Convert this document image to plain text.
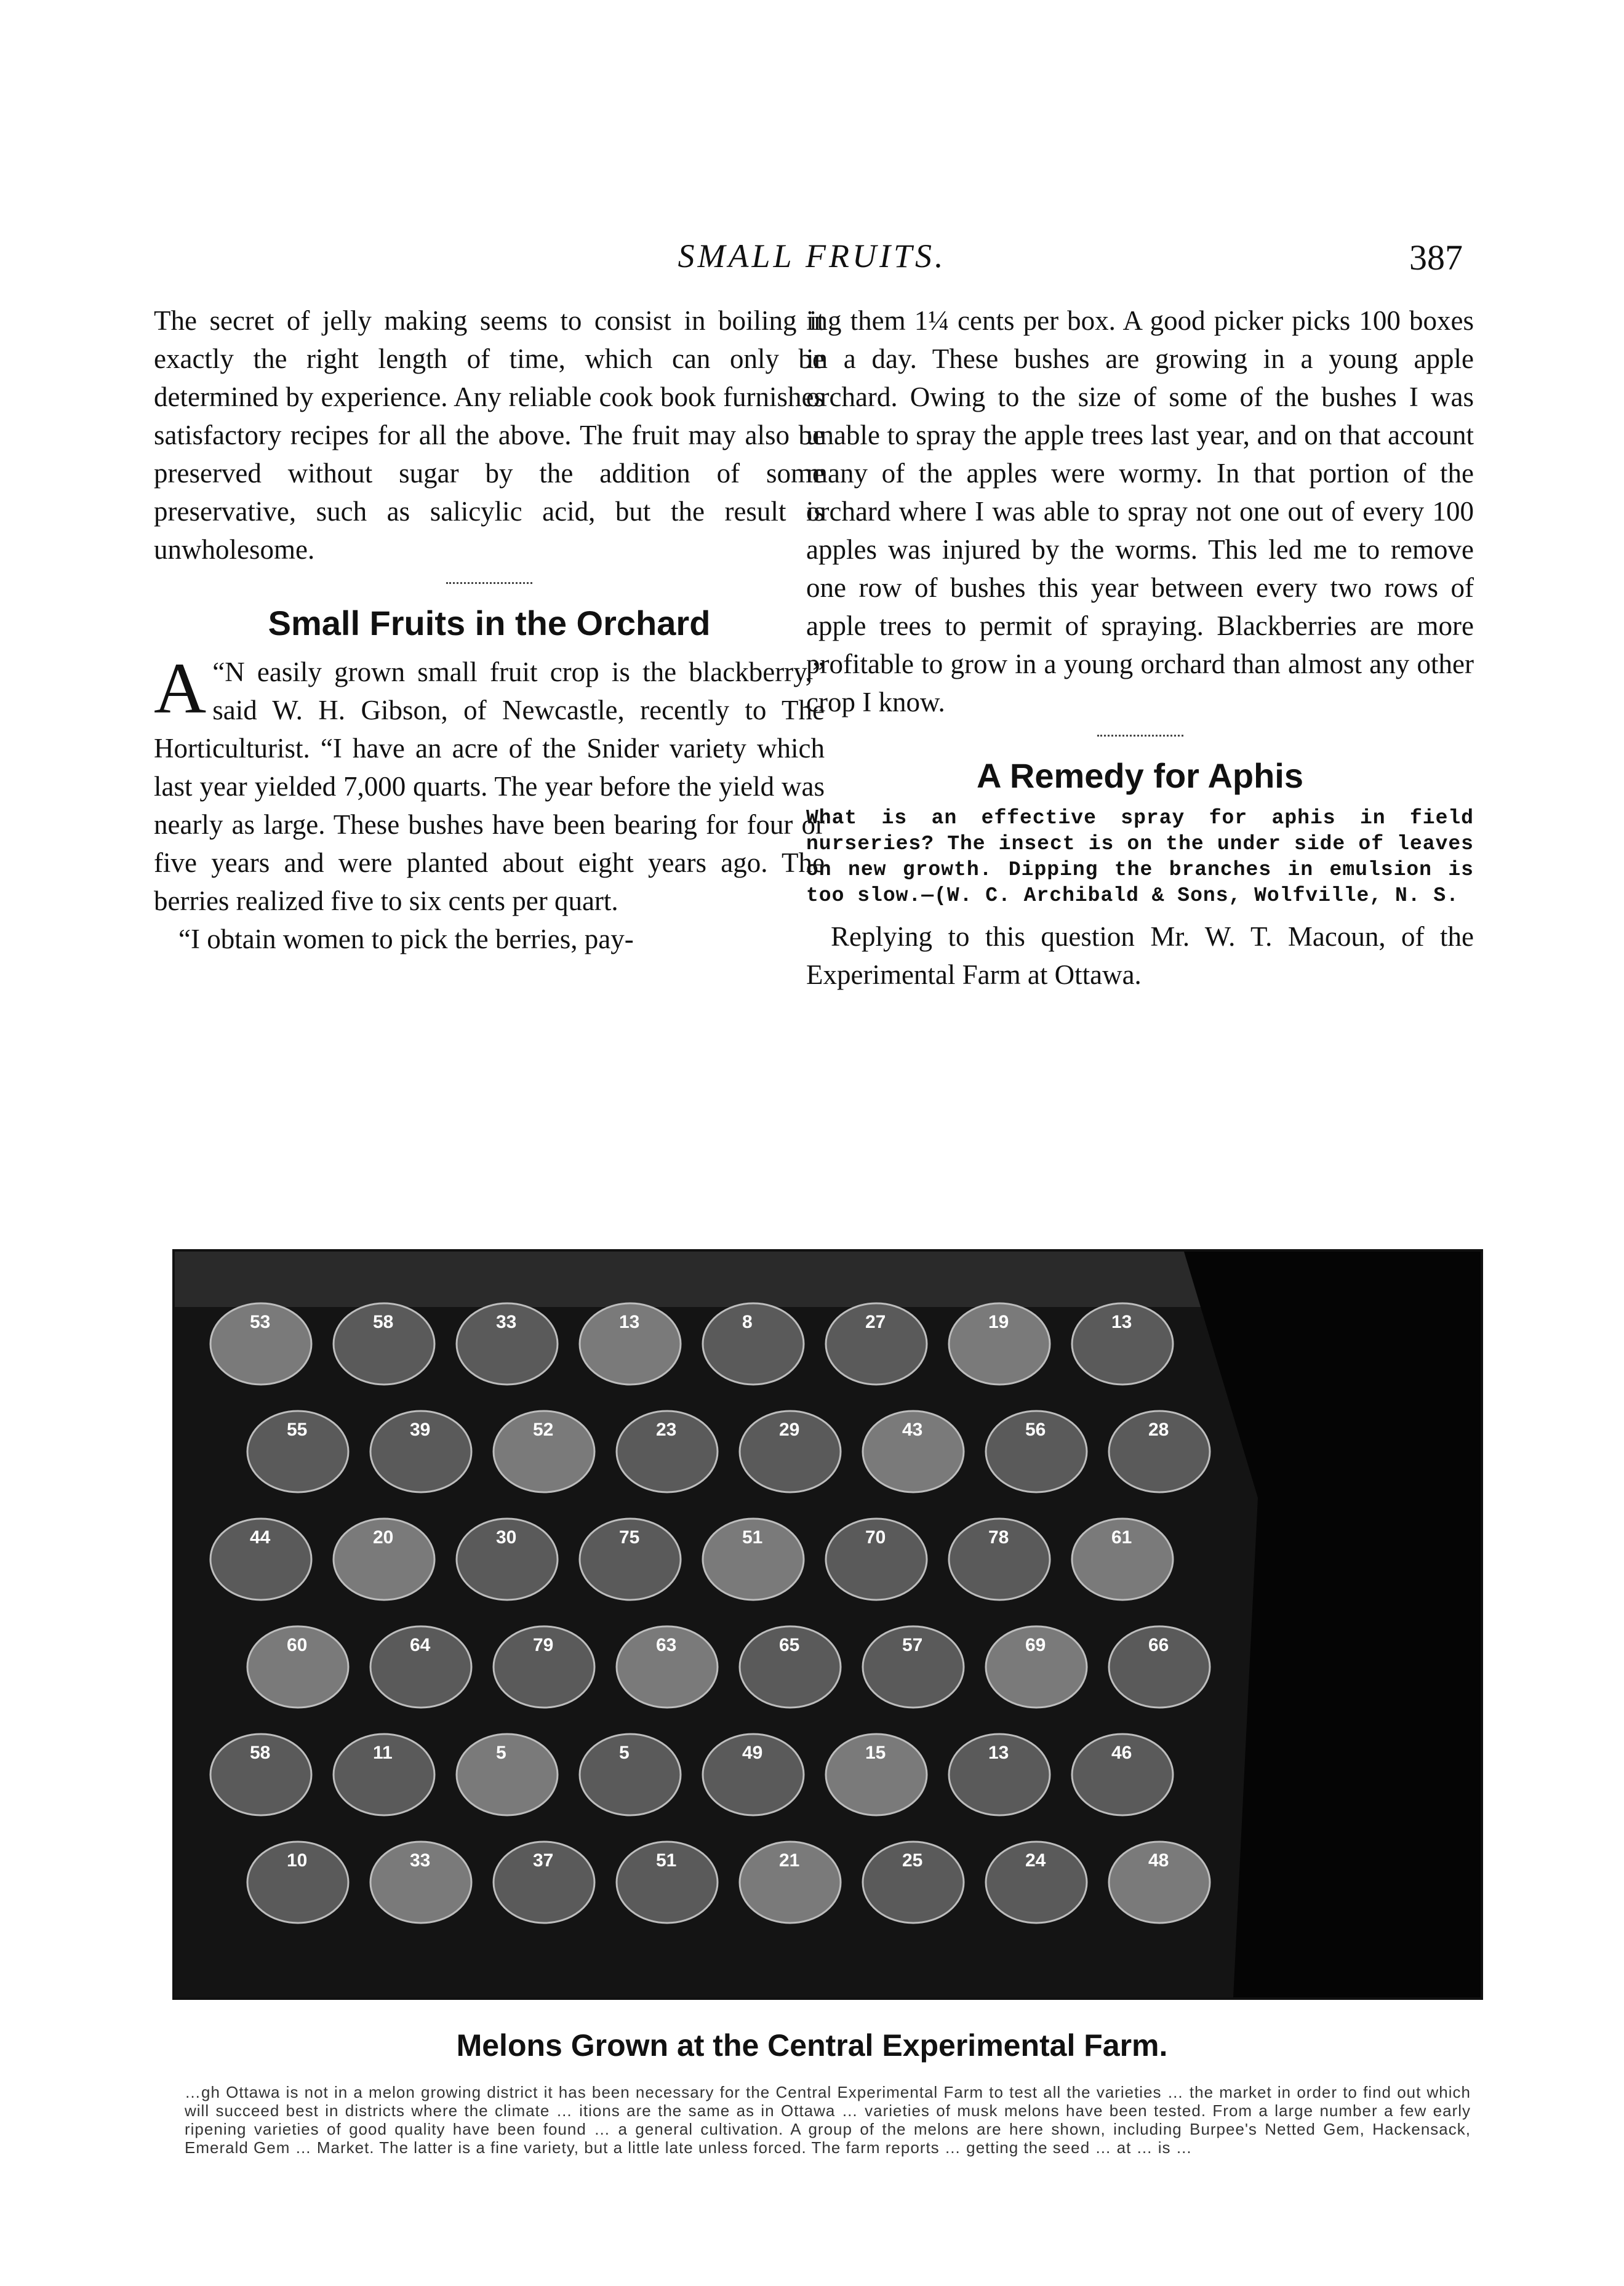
SMALL FRUITS.	387

The secret of jelly making seems to consist in boiling it exactly the right length of time, which can only be determined by experience. Any reliable cook book furnishes satisfactory recipes for all the above. The fruit may also be preserved without sugar by the addition of some preservative, such as salicylic acid, but the result is unwholesome.

Small Fruits in the Orchard

“
A N easily grown small fruit crop is the blackberry,” said W. H. Gibson, of Newcastle, recently to The Horticulturist. “I have an acre of the Snider variety which last year yielded 7,000 quarts. The year before the yield was nearly as large. These bushes have been bearing for four or five years and were planted about eight years ago. The berries realized five to six cents per quart.

“I obtain women to pick the berries, pay-

ing them 1¼ cents per box. A good picker picks 100 boxes in a day. These bushes are growing in a young apple orchard. Owing to the size of some of the bushes I was unable to spray the apple trees last year, and on that account many of the apples were wormy. In that portion of the orchard where I was able to spray not one out of every 100 apples was injured by the worms. This led me to remove one row of bushes this year between every two rows of apple trees to permit of spraying. Blackberries are more profitable to grow in a young orchard than almost any other crop I know.

A Remedy for Aphis

What is an effective spray for aphis in field nurseries? The insect is on the under side of leaves on new growth. Dipping the branches in emulsion is too slow.—(W. C. Archibald & Sons, Wolfville, N. S.

Replying to this question Mr. W. T. Macoun, of the Experimental Farm at Ottawa.

53	58	33	13	8	27	19	13
55	39	52	23	29	43	56	28
44	20	30	75	51	70	78	61
60	64	79	63	65	57	69	66
58	11	5	5	49	15	13	46
10	33	37	51	21	25	24	48
Melons Grown at the Central Experimental Farm.
…gh Ottawa is not in a melon growing district it has been necessary for the Central Experimental Farm to test all the varieties … the market in order to find out which will succeed best in districts where the climate … itions are the same as in Ottawa … varieties of musk melons have been tested. From a large number a few early ripening varieties of good quality have been found … a general cultivation. A group of the melons are here shown, including Burpee's Netted Gem, Hackensack, Emerald Gem … Market. The latter is a fine variety, but a little late unless forced. The farm reports … getting the seed … at … is …
